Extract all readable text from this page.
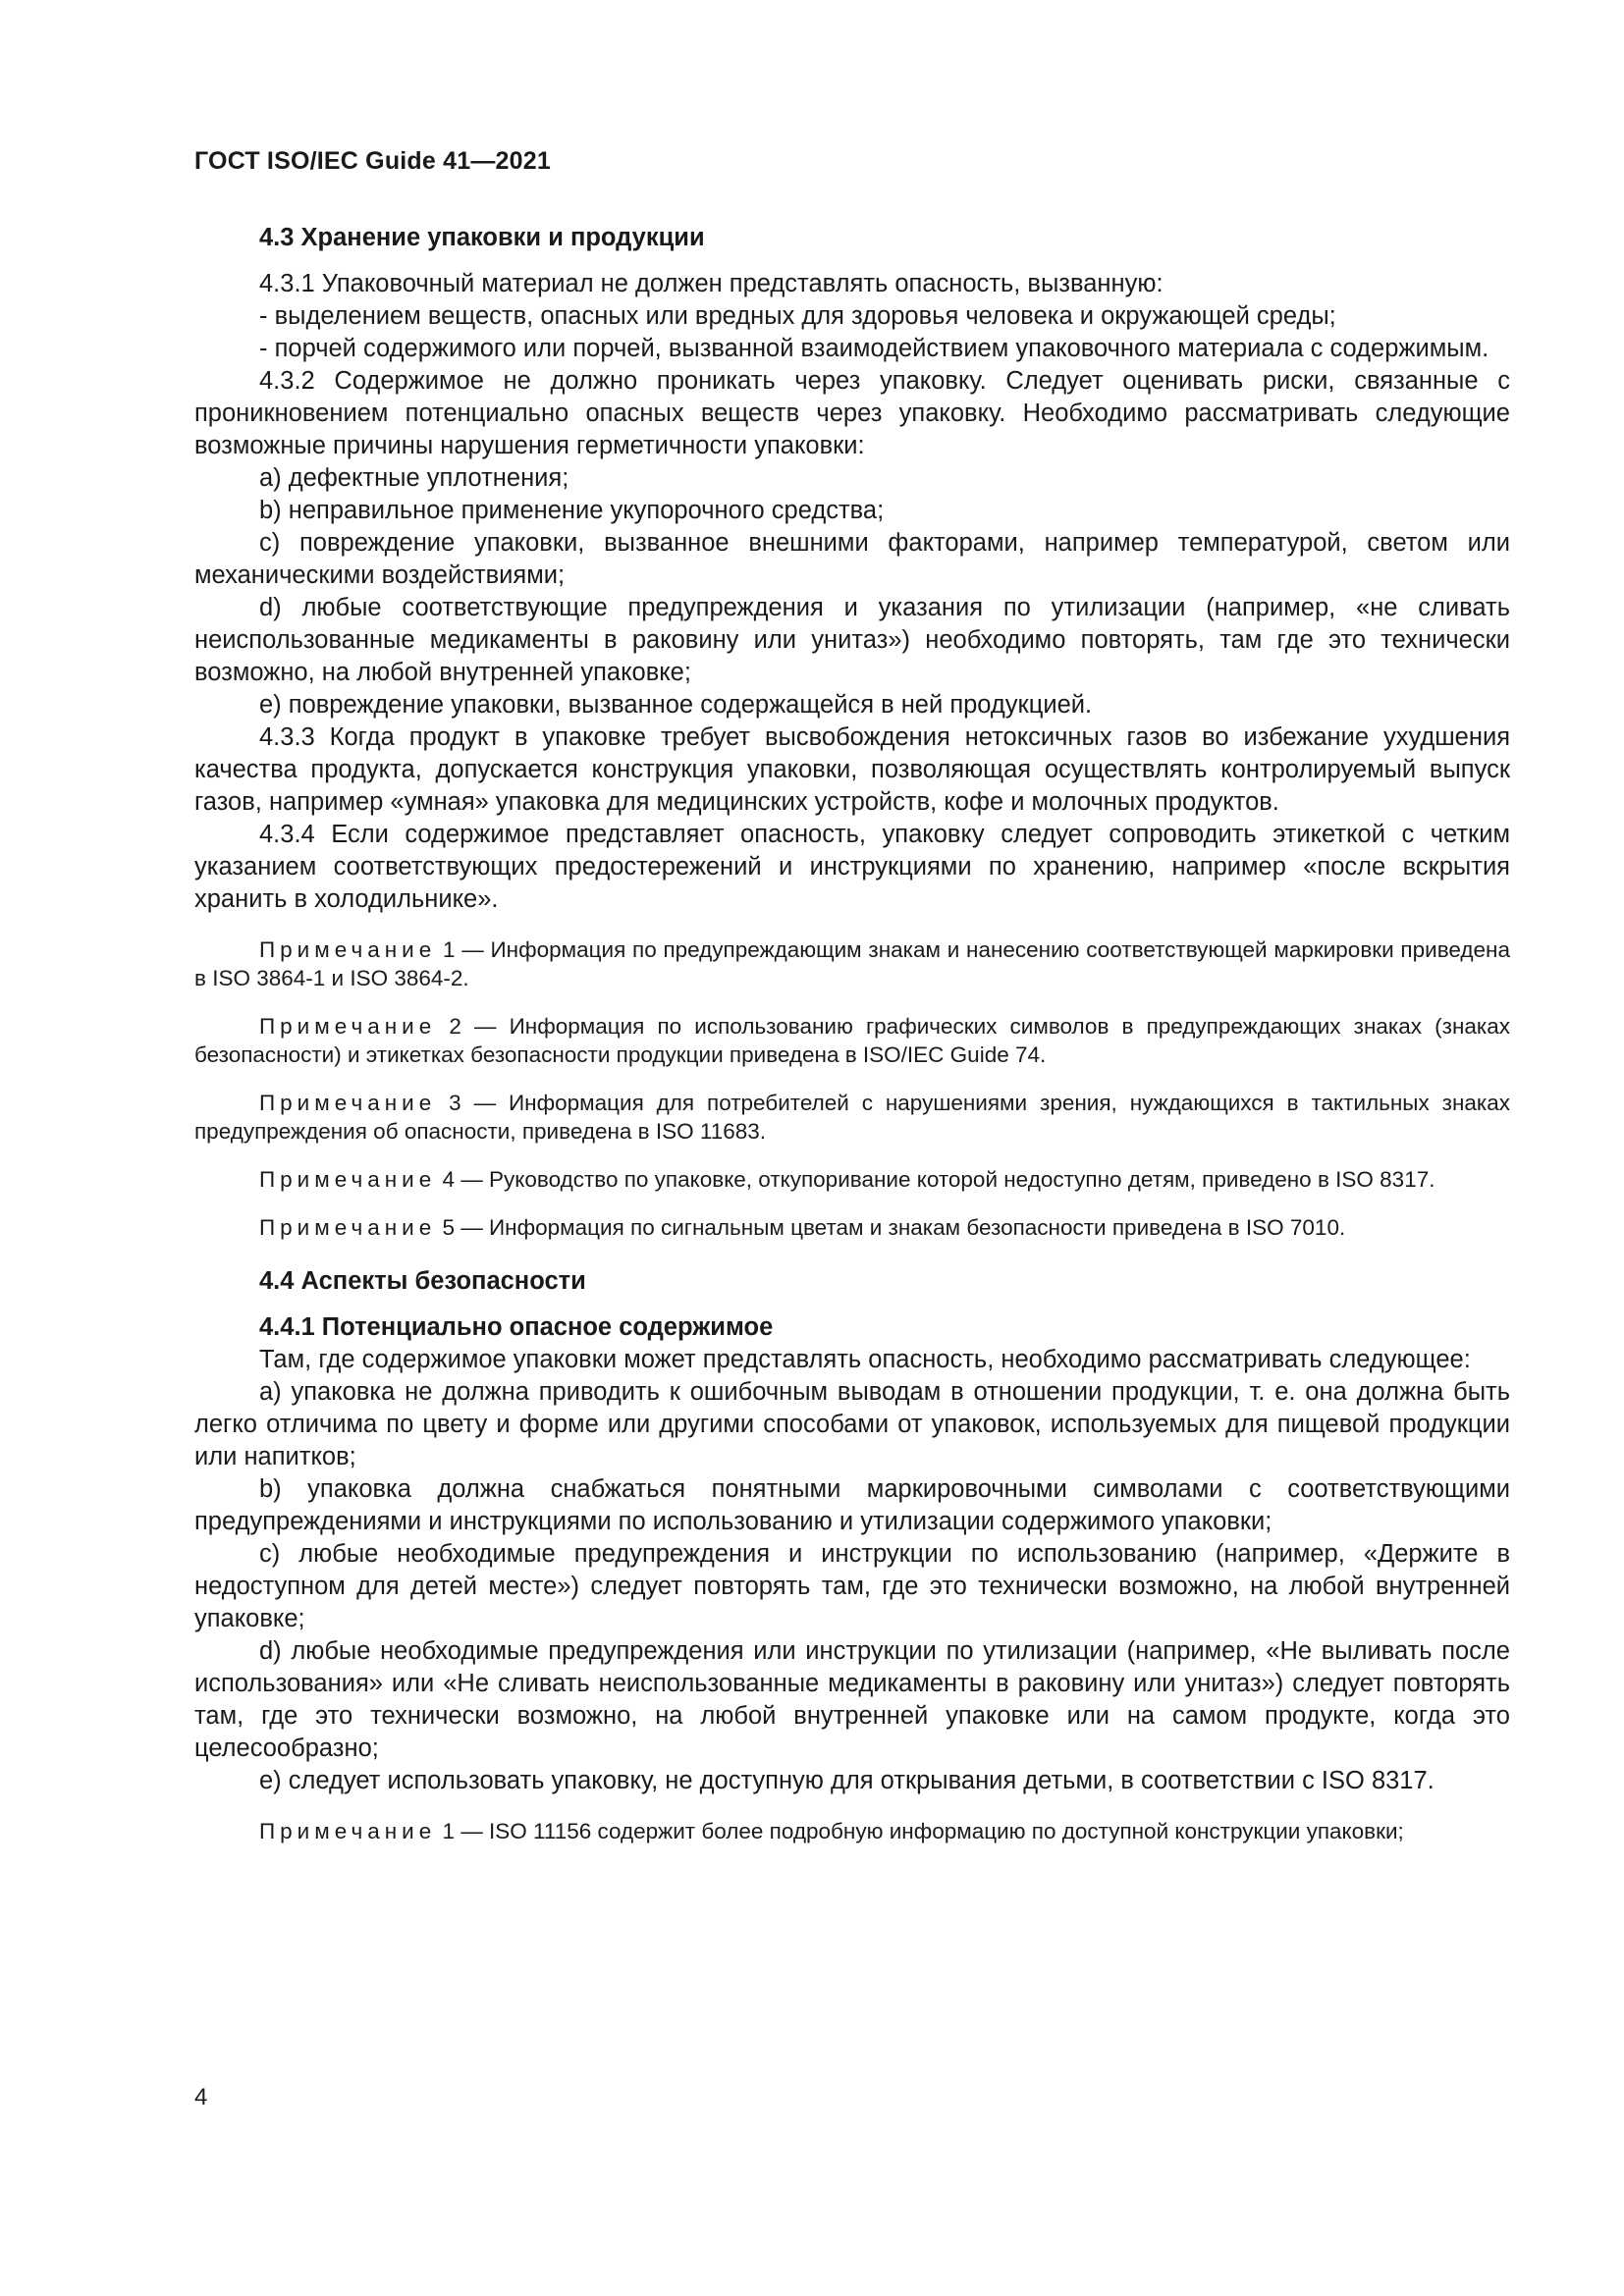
ГОСТ ISO/IEC Guide 41—2021

4.3 Хранение упаковки и продукции

4.3.1 Упаковочный материал не должен представлять опасность, вызванную:

- выделением веществ, опасных или вредных для здоровья человека и окружающей среды;

- порчей содержимого или порчей, вызванной взаимодействием упаковочного материала с содержимым.

4.3.2 Содержимое не должно проникать через упаковку. Следует оценивать риски, связанные с проникновением потенциально опасных веществ через упаковку. Необходимо рассматривать следующие возможные причины нарушения герметичности упаковки:

a) дефектные уплотнения;

b) неправильное применение укупорочного средства;

c) повреждение упаковки, вызванное внешними факторами, например температурой, светом или механическими воздействиями;

d) любые соответствующие предупреждения и указания по утилизации (например, «не сливать неиспользованные медикаменты в раковину или унитаз») необходимо повторять, там где это технически возможно, на любой внутренней упаковке;

e) повреждение упаковки, вызванное содержащейся в ней продукцией.

4.3.3 Когда продукт в упаковке требует высвобождения нетоксичных газов во избежание ухудшения качества продукта, допускается конструкция упаковки, позволяющая осуществлять контролируемый выпуск газов, например «умная» упаковка для медицинских устройств, кофе и молочных продуктов.

4.3.4 Если содержимое представляет опасность, упаковку следует сопроводить этикеткой с четким указанием соответствующих предостережений и инструкциями по хранению, например «после вскрытия хранить в холодильнике».

Примечание 1 — Информация по предупреждающим знакам и нанесению соответствующей маркировки приведена в ISO 3864-1 и ISO 3864-2.

Примечание 2 — Информация по использованию графических символов в предупреждающих знаках (знаках безопасности) и этикетках безопасности продукции приведена в ISO/IEC Guide 74.

Примечание 3 — Информация для потребителей с нарушениями зрения, нуждающихся в тактильных знаках предупреждения об опасности, приведена в ISO 11683.

Примечание 4 — Руководство по упаковке, откупоривание которой недоступно детям, приведено в ISO 8317.

Примечание 5 — Информация по сигнальным цветам и знакам безопасности приведена в ISO 7010.

4.4 Аспекты безопасности

4.4.1 Потенциально опасное содержимое

Там, где содержимое упаковки может представлять опасность, необходимо рассматривать следующее:

a) упаковка не должна приводить к ошибочным выводам в отношении продукции, т. е. она должна быть легко отличима по цвету и форме или другими способами от упаковок, используемых для пищевой продукции или напитков;

b) упаковка должна снабжаться понятными маркировочными символами с соответствующими предупреждениями и инструкциями по использованию и утилизации содержимого упаковки;

c) любые необходимые предупреждения и инструкции по использованию (например, «Держите в недоступном для детей месте») следует повторять там, где это технически возможно, на любой внутренней упаковке;

d) любые необходимые предупреждения или инструкции по утилизации (например, «Не выливать после использования» или «Не сливать неиспользованные медикаменты в раковину или унитаз») следует повторять там, где это технически возможно, на любой внутренней упаковке или на самом продукте, когда это целесообразно;

e) следует использовать упаковку, не доступную для открывания детьми, в соответствии с ISO 8317.

Примечание 1 — ISO 11156 содержит более подробную информацию по доступной конструкции упаковки;

4
